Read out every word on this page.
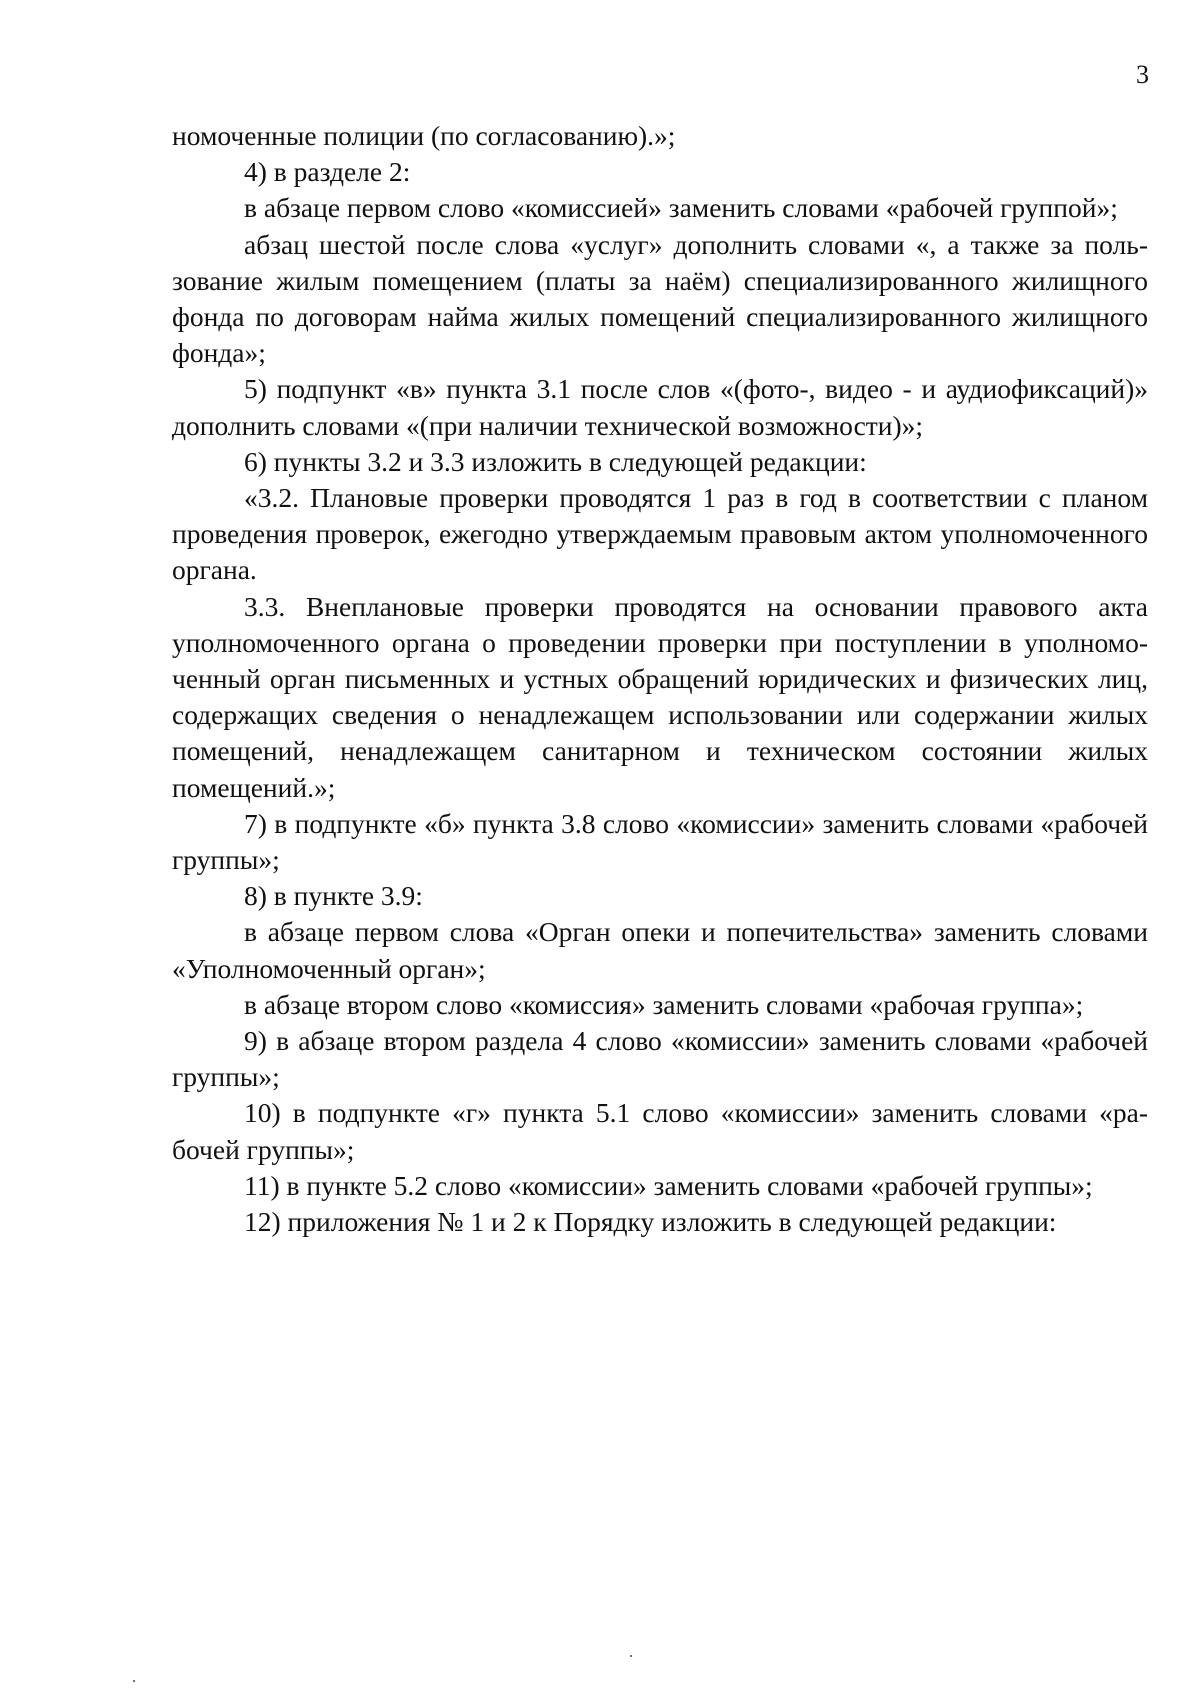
3

номоченные полиции (по согласованию).»;

4) в разделе 2:

в абзаце первом слово «комиссией» заменить словами «рабочей группой»;

абзац шестой после слова «услуг» дополнить словами «, а также за пользование жилым помещением (платы за наём) специализированного жилищного фонда по договорам найма жилых помещений специализированного жилищного фонда»;

5) подпункт «в» пункта 3.1 после слов «(фото-, видео - и аудиофиксаций)» дополнить словами «(при наличии технической возможности)»;

6) пункты 3.2 и 3.3 изложить в следующей редакции:

«3.2. Плановые проверки проводятся 1 раз в год в соответствии с планом проведения проверок, ежегодно утверждаемым правовым актом уполномоченного органа.

3.3. Внеплановые проверки проводятся на основании правового акта уполномоченного органа о проведении проверки при поступлении в уполномоченный орган письменных и устных обращений юридических и физических лиц, содержащих сведения о ненадлежащем использовании или содержании жилых помещений, ненадлежащем санитарном и техническом состоянии жилых помещений.»;

7) в подпункте «б» пункта 3.8 слово «комиссии» заменить словами «рабочей группы»;

8) в пункте 3.9:

в абзаце первом слова «Орган опеки и попечительства» заменить словами «Уполномоченный орган»;

в абзаце втором слово «комиссия» заменить словами «рабочая группа»;

9) в абзаце втором раздела 4 слово «комиссии» заменить словами «рабочей группы»;

10) в подпункте «г» пункта 5.1 слово «комиссии» заменить словами «рабочей группы»;

11) в пункте 5.2 слово «комиссии» заменить словами «рабочей группы»;

12) приложения № 1 и 2 к Порядку изложить в следующей редакции:
